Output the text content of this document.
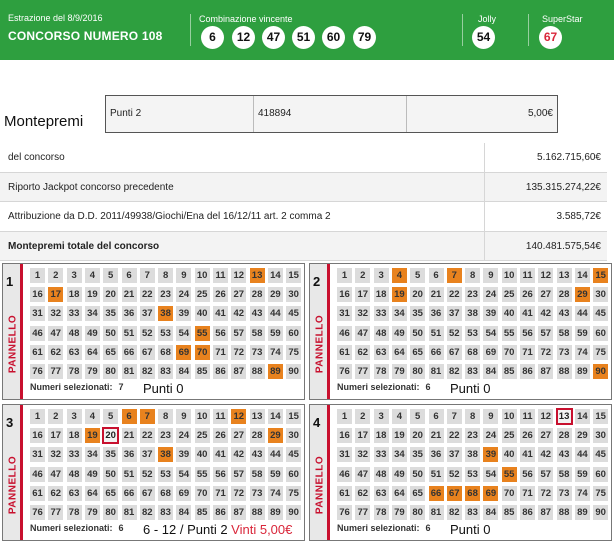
Estrazione del 8/9/2016
CONCORSO NUMERO 108
Combinazione vincente
6	12	47	51	60	79
Jolly
54
SuperStar
67
Montepremi	Punti 2	418894	5,00€
del concorso	5.162.715,60€
Riporto Jackpot concorso precedente	135.315.274,22€
Attribuzione da D.D. 2011/49938/Giochi/Ena del 16/12/11 art. 2 comma 2	3.585,72€
Montepremi totale del concorso	140.481.575,54€
1
PANNELLO
1	2	3	4	5	6	7	8	9	10 11 12 13 14 15
16 17 18 19 20 21 22 23 24 25 26 27 28 29 30
31 32 33 34 35 36 37 38 39 40 41 42 43 44 45
46 47 48 49 50 51 52 53 54 55 56 57 58 59 60
61 62 63 64 65 66 67 68 69 70 71 72 73 74 75
76 77 78 79 80 81 82 83 84 85 86 87 88 89 90
Numeri selezionati: 7 Punti 0
2
PANNELLO
1	2	3	4	5	6	7	8	9	10 11 12 13 14 15
16 17 18 19 20 21 22 23 24 25 26 27 28 29 30
31 32 33 34 35 36 37 38 39 40 41 42 43 44 45
46 47 48 49 50 51 52 53 54 55 56 57 58 59 60
61 62 63 64 65 66 67 68 69 70 71 72 73 74 75
76 77 78 79 80 81 82 83 84 85 86 87 88 89 90
Numeri selezionati: 6 Punti 0
3
PANNELLO
1	2	3	4	5	6	7	8	9	10 11 12 13 14 15
16 17 18 19 20 21 22 23 24 25 26 27 28 29 30
31 32 33 34 35 36 37 38 39 40 41 42 43 44 45
46 47 48 49 50 51 52 53 54 55 56 57 58 59 60
61 62 63 64 65 66 67 68 69 70 71 72 73 74 75
76 77 78 79 80 81 82 83 84 85 86 87 88 89 90
Numeri selezionati: 6 6 - 12 / Punti 2 Vinti 5,00€
4
PANNELLO
1	2	3	4	5	6	7	8	9	10 11 12 13 14 15
16 17 18 19 20 21 22 23 24 25 26 27 28 29 30
31 32 33 34 35 36 37 38 39 40 41 42 43 44 45
46 47 48 49 50 51 52 53 54 55 56 57 58 59 60
61 62 63 64 65 66 67 68 69 70 71 72 73 74 75
76 77 78 79 80 81 82 83 84 85 86 87 88 89 90
Numeri selezionati: 6 Punti 0
